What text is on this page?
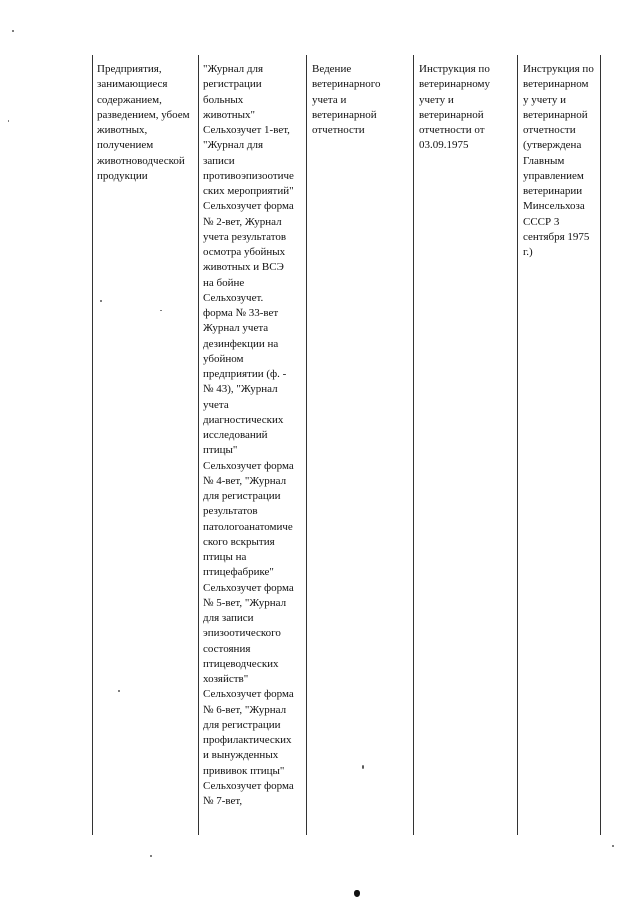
Предприятия,
занимающиеся
содержанием,
разведением, убоем
животных,
получением
животноводческой
продукции
"Журнал для
регистрации
больных
животных"
Сельхозучет 1-вет,
"Журнал для
записи
противоэпизоотиче
ских мероприятий"
Сельхозучет форма
№ 2-вет, Журнал
учета результатов
осмотра убойных
животных и ВСЭ
на бойне
Сельхозучет.
форма № 33-вет
Журнал учета
дезинфекции на
убойном
предприятии (ф. -
№ 43), "Журнал
учета
диагностических
исследований
птицы"
Сельхозучет форма
№ 4-вет, "Журнал
для регистрации
результатов
патологоанатомиче
ского вскрытия
птицы на
птицефабрике"
Сельхозучет форма
№ 5-вет, "Журнал
для записи
эпизоотического
состояния
птицеводческих
хозяйств"
Сельхозучет форма
№ 6-вет, "Журнал
для регистрации
профилактических
и вынужденных
прививок птицы"
Сельхозучет форма
№ 7-вет,
Ведение
ветеринарного
учета и
ветеринарной
отчетности
Инструкция по
ветеринарному
учету и
ветеринарной
отчетности от
03.09.1975
Инструкция по
ветеринарном
у учету и
ветеринарной
отчетности
(утверждена
Главным
управлением
ветеринарии
Минсельхоза
СССР 3
сентября 1975
г.)
